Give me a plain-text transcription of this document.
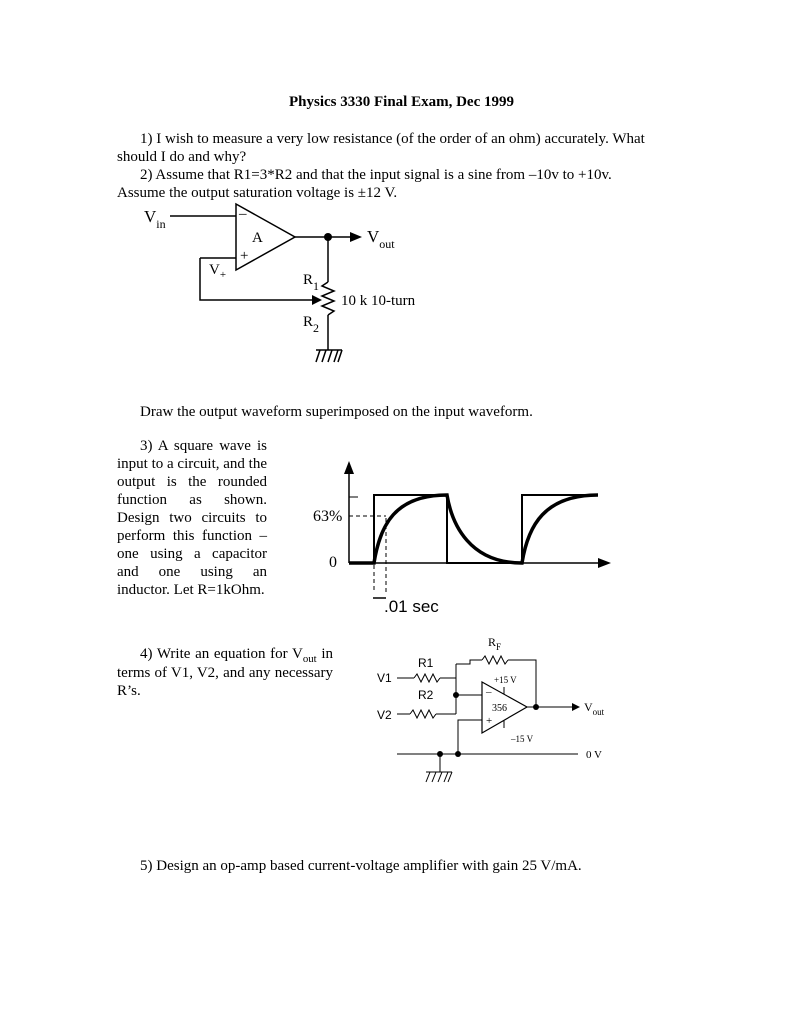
Physics 3330 Final Exam, Dec 1999
1) I wish to measure a very low resistance (of the order of an ohm) accurately. What
should I do and why?
2) Assume that R1=3*R2 and that the input signal is a sine from –10v to +10v.
Assume the output saturation voltage is ±12 V.
$V_{in}$
–
A
+
$V_{out}$
$V_+$	$R_1$
10 k 10-turn
$R_2$
Draw the output waveform superimposed on the input waveform.
3) A square wave is input to a circuit, and the output is the rounded function as shown. Design two circuits to perform this function – one using a capacitor and one using an inductor. Let R=1kOhm.
63%
0
.01 sec
4) Write an equation for $V_{out}$ in terms of V1, V2, and any necessary R’s.
$R_F$
R1
V1
R2
V2
+15 V
–
356
+
–15 V
$V_{out}$
0 V
5) Design an op-amp based current-voltage amplifier with gain 25 V/mA.
